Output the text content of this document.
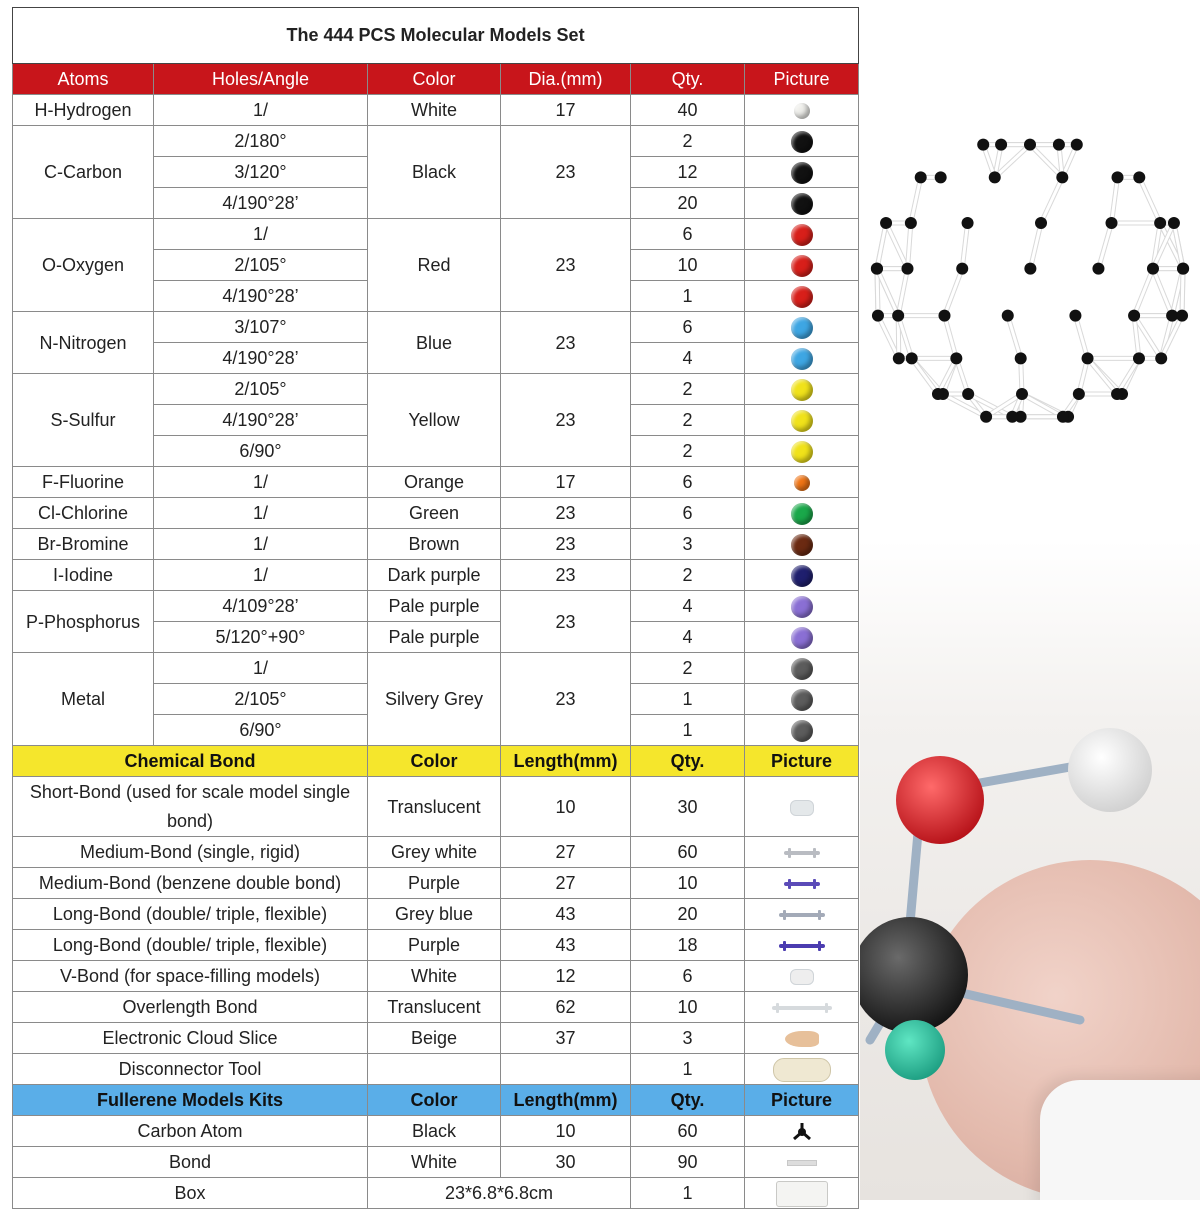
The 444 PCS Molecular Models Set					
Atoms	Holes/Angle	Color	Dia.(mm)	Qty.	Picture
H-Hydrogen	1/	White	17	40	
C-Carbon	2/180°	Black	23	2	
	3/120°			12	
	4/190°28’			20	
O-Oxygen	1/	Red	23	6	
	2/105°			10	
	4/190°28’			1	
N-Nitrogen	3/107°	Blue	23	6	
	4/190°28’			4	
S-Sulfur	2/105°	Yellow	23	2	
	4/190°28’			2	
	6/90°			2	
F-Fluorine	1/	Orange	17	6	
Cl-Chlorine	1/	Green	23	6	
Br-Bromine	1/	Brown	23	3	
I-Iodine	1/	Dark purple	23	2	
P-Phosphorus	4/109°28’	Pale purple	23	4	
	5/120°+90°	Pale purple		4	
Metal	1/	Silvery Grey	23	2	
	2/105°			1	
	6/90°			1	
Chemical Bond		Color	Length(mm)	Qty.	Picture
Short-Bond (used for scale model single bond)		Translucent	10	30	
Medium-Bond (single, rigid)		Grey white	27	60	
Medium-Bond (benzene double bond)		Purple	27	10	
Long-Bond (double/ triple, flexible)		Grey blue	43	20	
Long-Bond (double/ triple, flexible)		Purple	43	18	
V-Bond (for space-filling models)		White	12	6	
Overlength Bond		Translucent	62	10	
Electronic Cloud Slice		Beige	37	3	
Disconnector Tool				1	
Fullerene Models Kits		Color	Length(mm)	Qty.	Picture
Carbon Atom		Black	10	60	
Bond		White	30	90	
Box		23*6.8*6.8cm		1	
